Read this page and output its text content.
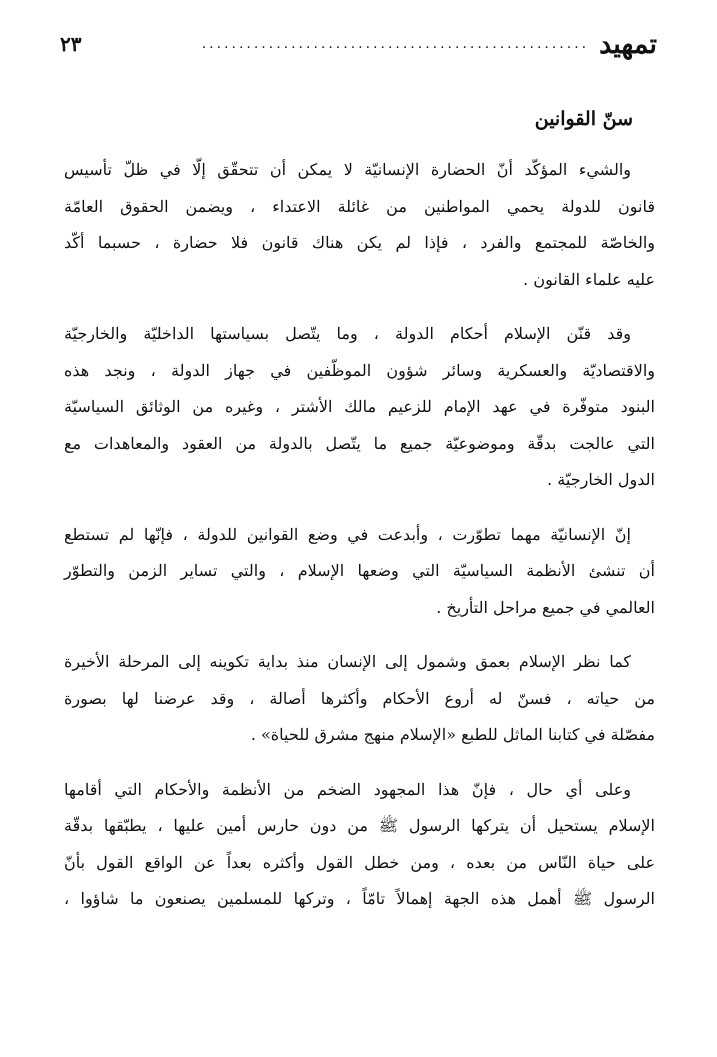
تمهيد
....................................................
٢٣
سنّ القوانين

والشيء المؤكّد أنّ الحضارة الإنسانيّة لا يمكن أن تتحقّق إلّا في ظلّ تأسيس
قانون للدولة يحمي المواطنين من غائلة الاعتداء ، ويضمن الحقوق العامّة
والخاصّة للمجتمع والفرد ، فإذا لم يكن هناك قانون فلا حضارة ، حسبما أكّد
عليه علماء القانون .

وقد قنّن الإسلام أحكام الدولة ، وما يتّصل بسياستها الداخليّة والخارجيّة
والاقتصاديّة والعسكرية وسائر شؤون الموظّفين في جهاز الدولة ، ونجد هذه
البنود متوفّرة في عهد الإمام للزعيم مالك الأشتر ، وغيره من الوثائق السياسيّة
التي عالجت بدقّة وموضوعيّة جميع ما يتّصل بالدولة من العقود والمعاهدات مع
الدول الخارجيّة .

إنّ الإنسانيّة مهما تطوّرت ، وأبدعت في وضع القوانين للدولة ، فإنّها لم تستطع
أن تنشئ الأنظمة السياسيّة التي وضعها الإسلام ، والتي تساير الزمن والتطوّر
العالمي في جميع مراحل التأريخ .

كما نظر الإسلام بعمق وشمول إلى الإنسان منذ بداية تكوينه إلى المرحلة الأخيرة
من حياته ، فسنّ له أروع الأحكام وأكثرها أصالة ، وقد عرضنا لها بصورة
مفصّلة في كتابنا الماثل للطبع «الإسلام منهج مشرق للحياة» .

وعلى أي حال ، فإنّ هذا المجهود الضخم من الأنظمة والأحكام التي أقامها
الإسلام يستحيل أن يتركها الرسول ﷺ من دون حارس أمين عليها ، يطبّقها بدقّة
على حياة النّاس من بعده ، ومن خطل القول وأكثره بعداً عن الواقع القول بأنّ
الرسول ﷺ أهمل هذه الجهة إهمالاً تامّاً ، وتركها للمسلمين يصنعون ما شاؤوا ،
